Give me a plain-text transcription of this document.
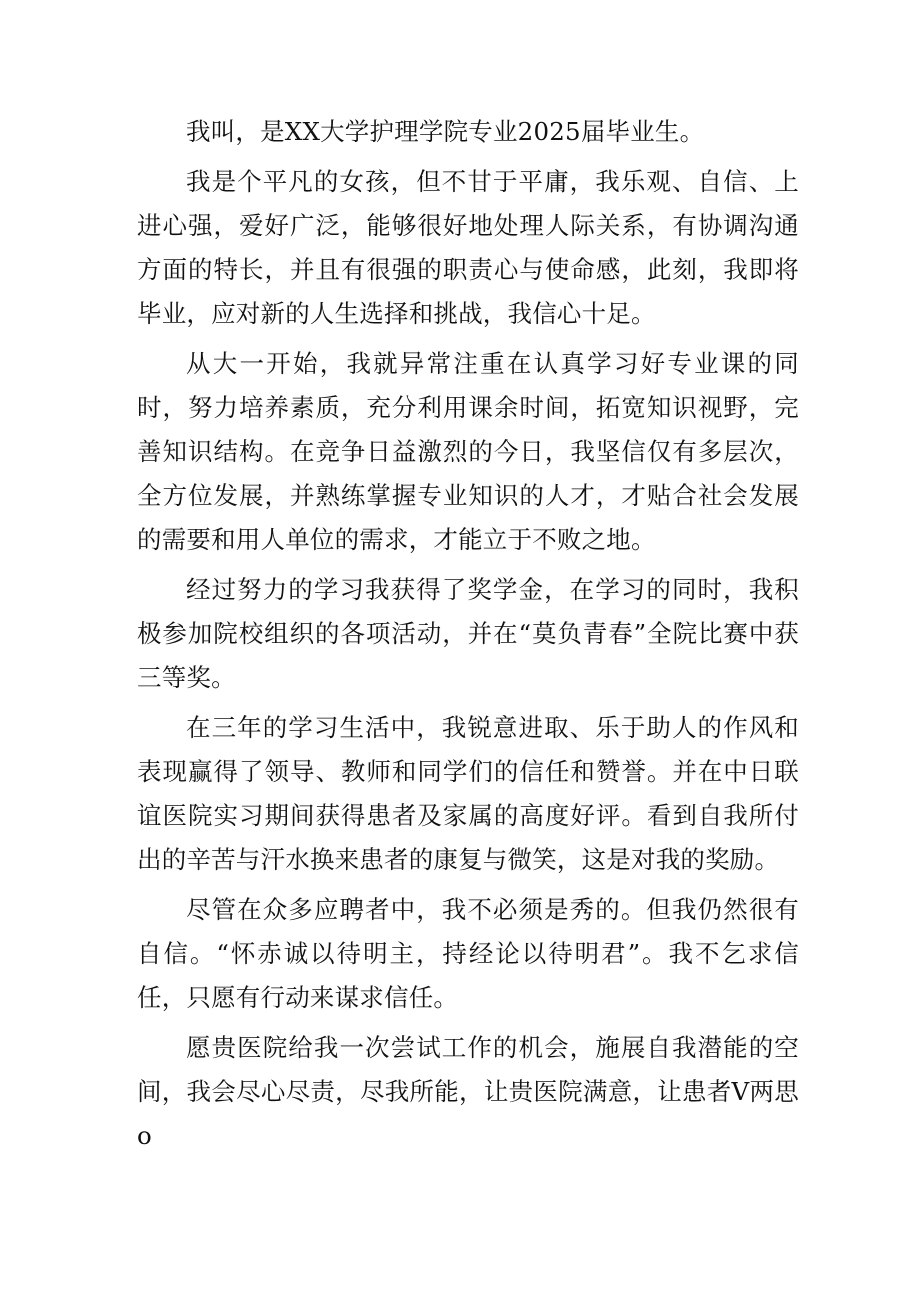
我叫，是XX大学护理学院专业2025届毕业生。

我是个平凡的女孩，但不甘于平庸，我乐观、自信、上进心强，爱好广泛，能够很好地处理人际关系，有协调沟通方面的特长，并且有很强的职责心与使命感，此刻，我即将毕业，应对新的人生选择和挑战，我信心十足。

从大一开始，我就异常注重在认真学习好专业课的同时，努力培养素质，充分利用课余时间，拓宽知识视野，完善知识结构。在竞争日益激烈的今日，我坚信仅有多层次，全方位发展，并熟练掌握专业知识的人才，才贴合社会发展的需要和用人单位的需求，才能立于不败之地。

经过努力的学习我获得了奖学金，在学习的同时，我积极参加院校组织的各项活动，并在“莫负青春”全院比赛中获三等奖。

在三年的学习生活中，我锐意进取、乐于助人的作风和表现赢得了领导、教师和同学们的信任和赞誉。并在中日联谊医院实习期间获得患者及家属的高度好评。看到自我所付出的辛苦与汗水换来患者的康复与微笑，这是对我的奖励。

尽管在众多应聘者中，我不必须是秀的。但我仍然很有自信。“怀赤诚以待明主，持经论以待明君”。我不乞求信任，只愿有行动来谋求信任。

愿贵医院给我一次尝试工作的机会，施展自我潜能的空间，我会尽心尽责，尽我所能，让贵医院满意，让患者V两思o
